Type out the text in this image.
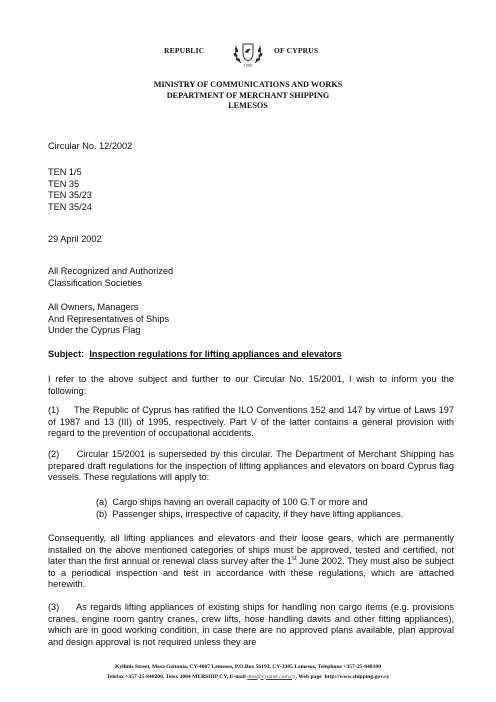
REPUBLIC
1960
OF CYPRUS
MINISTRY OF COMMUNICATIONS AND WORKS
DEPARTMENT OF MERCHANT SHIPPING
LEMESOS
Circular No. 12/2002
TEN 1/5
TEN 35
TEN 35/23
TEN 35/24
29 April 2002
All Recognized and Authorized
Classification Societies
All Owners, Managers
And Representatives of Ships
Under the Cyprus Flag
Subject: Inspection regulations for lifting appliances and elevators
I refer to the above subject and further to our Circular No. 15/2001, I wish to inform you the following:
(1)     The Republic of Cyprus has ratified the ILO Conventions 152 and 147 by virtue of Laws 197 of 1987 and 13 (III) of 1995, respectively. Part V of the latter contains a general provision with regard to the prevention of occupational accidents.
(2)     Circular 15/2001 is superseded by this circular. The Department of Merchant Shipping has prepared draft regulations for the inspection of lifting appliances and elevators on board Cyprus flag vessels. These regulations will apply to:
(a)  Cargo ships having an overall capacity of 100 G.T or more and
(b)  Passenger ships, irrespective of capacity, if they have lifting appliances.
Consequently, all lifting appliances and elevators and their loose gears, which are permanently installed on the above mentioned categories of ships must be approved, tested and certified, not later than the first annual or renewal class survey after the 1st June 2002. They must also be subject to a periodical inspection and test in accordance with these regulations, which are attached herewith.
(3)     As regards lifting appliances of existing ships for handling non cargo items (e.g. provisions cranes, engine room gantry cranes, crew lifts, hose handling davits and other fitting appliances), which are in good working condition, in case there are no approved plans available, plan approval and design approval is not required unless they are
Kyllinis Street, Mesa Geitonia, CY-4007 Lemesos, P.O.Box 56193, CY-3305 Lemesos, Telephone +357-25-848100
Telefax +357-25-848200, Telex 2004 MERSHIP CY, E-mail dms@cytanet.com.cy, Web page http://www.shipping.gov.cy
